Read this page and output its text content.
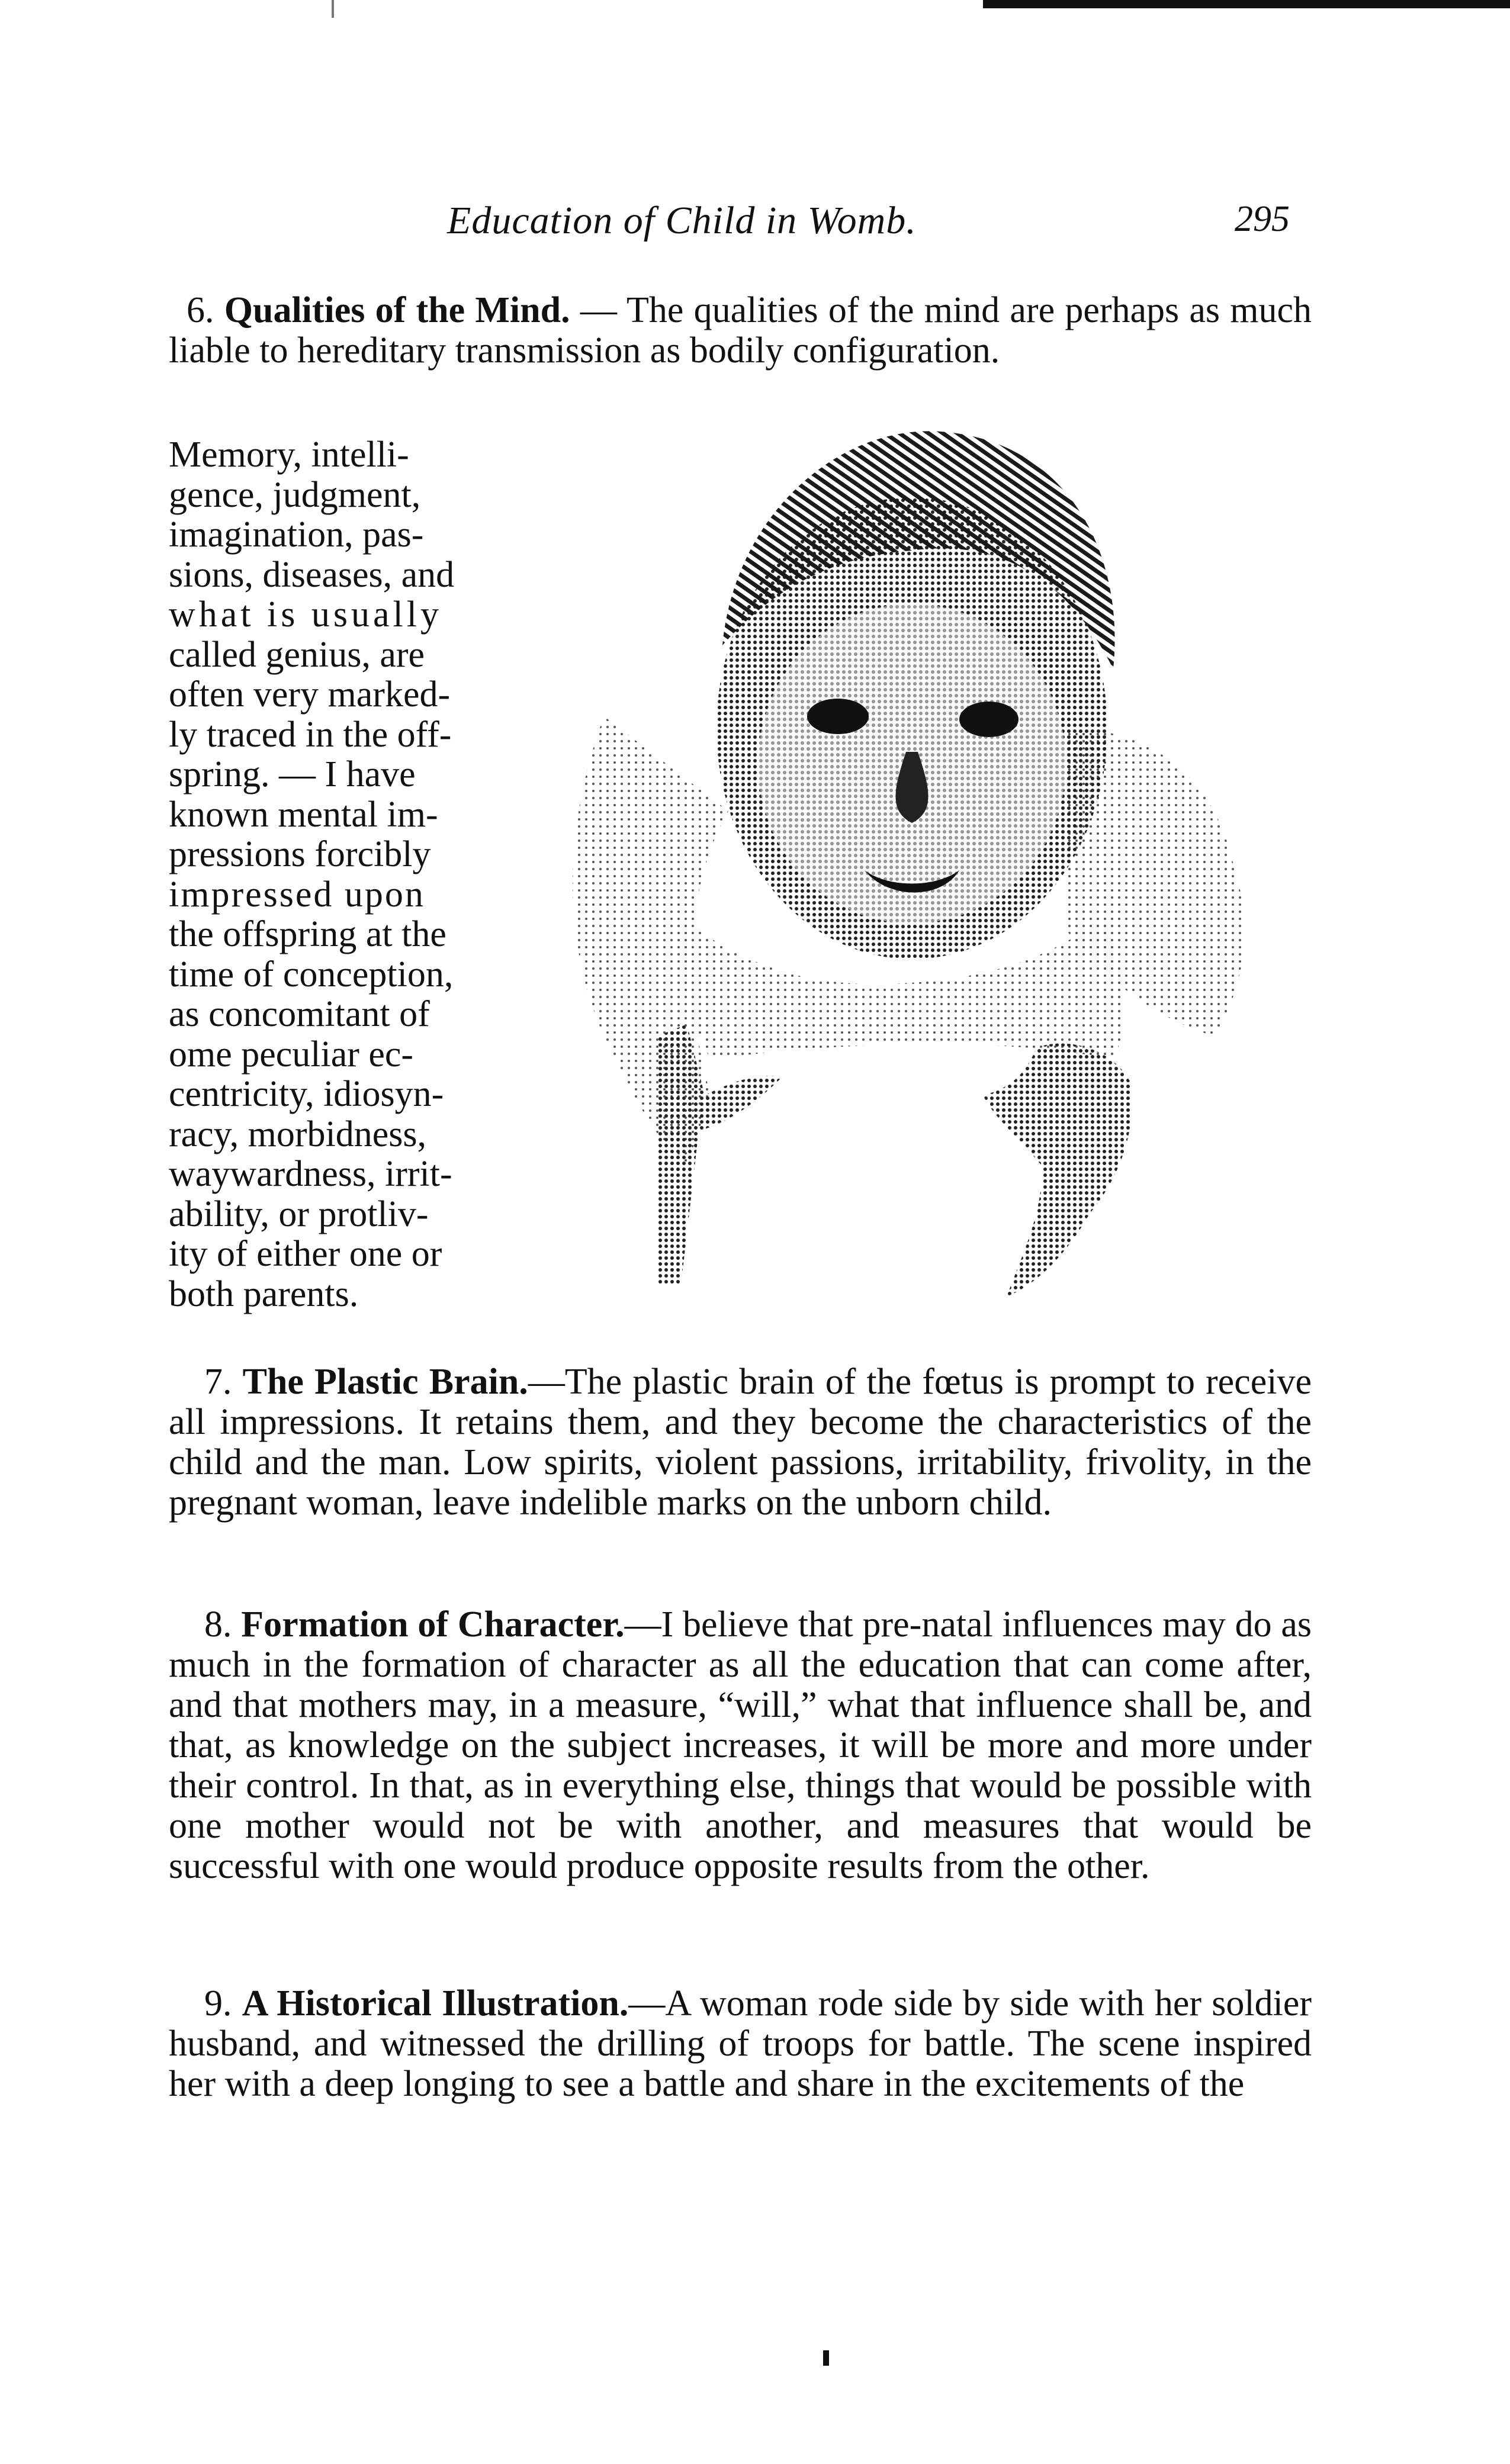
Education of Child in Womb.	295
6. Qualities of the Mind. — The qualities of the mind are perhaps as much liable to hereditary transmission as bodily configuration.
Memory, intelli-
gence, judgment,
imagination, pas-
sions, diseases, and
what is usually
called genius, are
often very marked-
ly traced in the off-
spring. — I have
known mental im-
pressions forcibly
impressed upon
the offspring at the
time of conception,
as concomitant of
ome peculiar ec-
centricity, idiosyn-
racy, morbidness,
waywardness, irrit-
ability, or protliv-
ity of either one or
both parents.
7. The Plastic Brain.—The plastic brain of the fœtus is prompt to receive all impressions. It retains them, and they become the characteristics of the child and the man. Low spirits, violent passions, irritability, frivolity, in the pregnant woman, leave indelible marks on the unborn child.
8. Formation of Character.—I believe that pre-natal influences may do as much in the formation of character as all the education that can come after, and that mothers may, in a measure, “will,” what that influence shall be, and that, as knowledge on the subject increases, it will be more and more under their control. In that, as in everything else, things that would be possible with one mother would not be with another, and measures that would be successful with one would produce opposite results from the other.
9. A Historical Illustration.—A woman rode side by side with her soldier husband, and witnessed the drilling of troops for battle. The scene inspired her with a deep longing to see a battle and share in the excitements of the
